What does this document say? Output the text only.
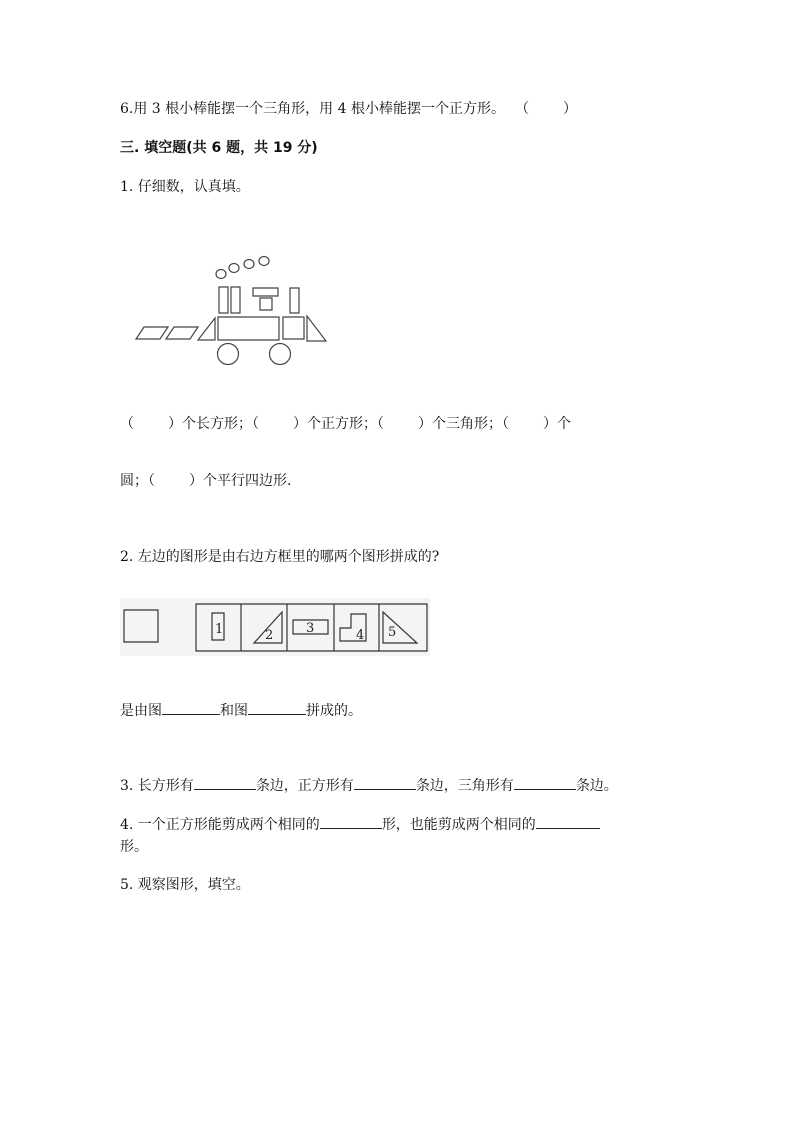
6.用 3 根小棒能摆一个三角形，用 4 根小棒能摆一个正方形。 （ ）
三. 填空题(共 6 题，共 19 分)
1. 仔细数，认真填。
（ ）个长方形；（ ）个正方形；（ ）个三角形；（ ）个
圆；（ ）个平行四边形.
2. 左边的图形是由右边方框里的哪两个图形拼成的?
1	2	3	4 5
是由图	和图	拼成的。
3. 长方形有	条边，正方形有	条边，三角形有	条边。
4. 一个正方形能剪成两个相同的	形，也能剪成两个相同的
形。
5. 观察图形，填空。
